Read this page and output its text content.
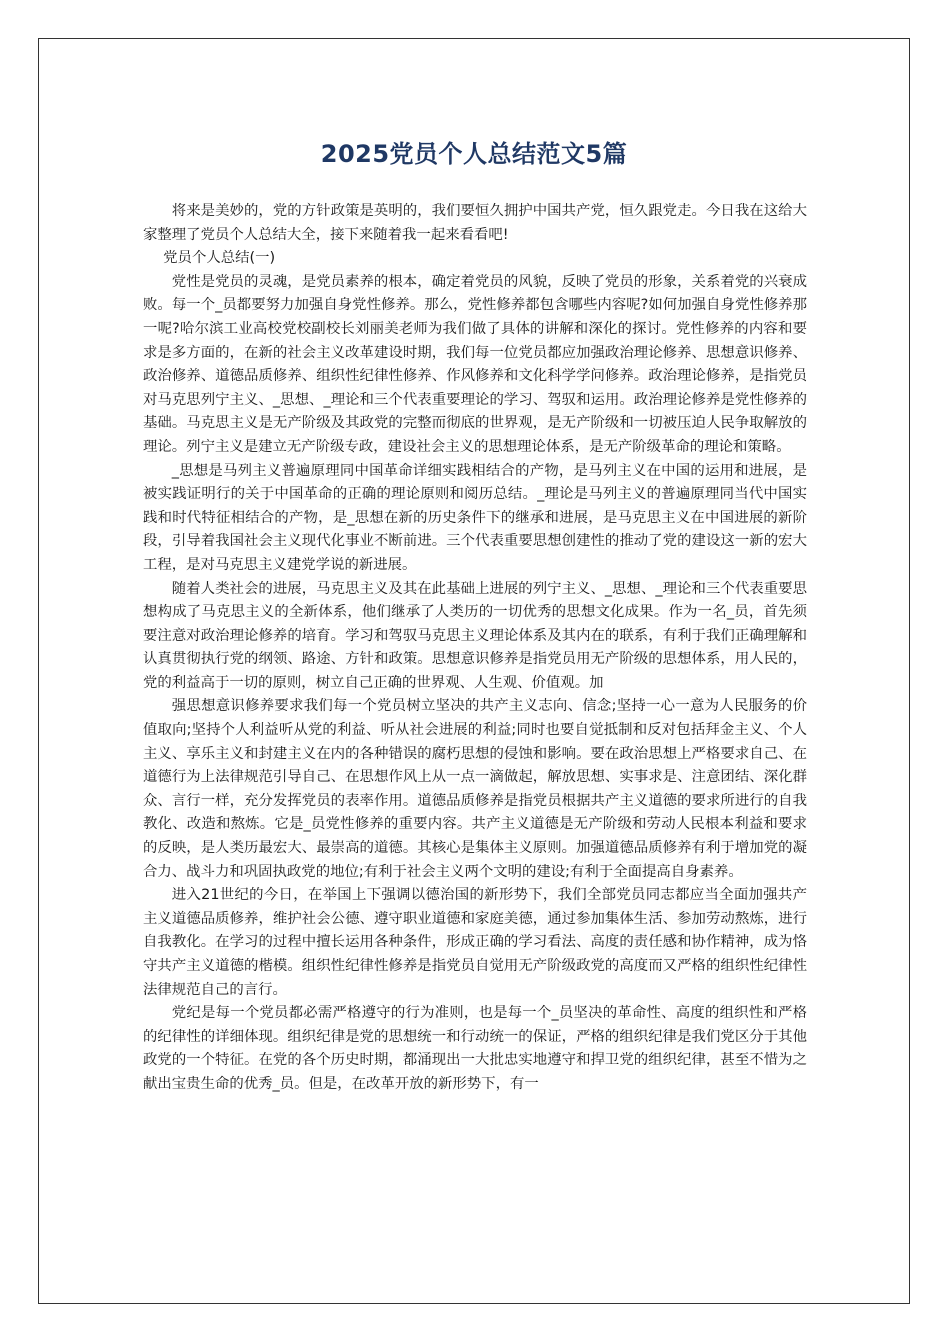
2025党员个人总结范文5篇

将来是美妙的，党的方针政策是英明的，我们要恒久拥护中国共产党，恒久跟党走。今日我在这给大家整理了党员个人总结大全，接下来随着我一起来看看吧!

党员个人总结(一)

党性是党员的灵魂，是党员素养的根本，确定着党员的风貌，反映了党员的形象，关系着党的兴衰成败。每一个_员都要努力加强自身党性修养。那么，党性修养都包含哪些内容呢?如何加强自身党性修养那一呢?哈尔滨工业高校党校副校长刘丽美老师为我们做了具体的讲解和深化的探讨。党性修养的内容和要求是多方面的，在新的社会主义改革建设时期，我们每一位党员都应加强政治理论修养、思想意识修养、政治修养、道德品质修养、组织性纪律性修养、作风修养和文化科学学问修养。政治理论修养，是指党员对马克思列宁主义、_思想、_理论和三个代表重要理论的学习、驾驭和运用。政治理论修养是党性修养的基础。马克思主义是无产阶级及其政党的完整而彻底的世界观，是无产阶级和一切被压迫人民争取解放的理论。列宁主义是建立无产阶级专政，建设社会主义的思想理论体系，是无产阶级革命的理论和策略。

_思想是马列主义普遍原理同中国革命详细实践相结合的产物，是马列主义在中国的运用和进展，是被实践证明行的关于中国革命的正确的理论原则和阅历总结。_理论是马列主义的普遍原理同当代中国实践和时代特征相结合的产物，是_思想在新的历史条件下的继承和进展，是马克思主义在中国进展的新阶段，引导着我国社会主义现代化事业不断前进。三个代表重要思想创建性的推动了党的建设这一新的宏大工程，是对马克思主义建党学说的新进展。

随着人类社会的进展，马克思主义及其在此基础上进展的列宁主义、_思想、_理论和三个代表重要思想构成了马克思主义的全新体系，他们继承了人类历的一切优秀的思想文化成果。作为一名_员，首先须要注意对政治理论修养的培育。学习和驾驭马克思主义理论体系及其内在的联系，有利于我们正确理解和认真贯彻执行党的纲领、路途、方针和政策。思想意识修养是指党员用无产阶级的思想体系，用人民的，党的利益高于一切的原则，树立自己正确的世界观、人生观、价值观。加

强思想意识修养要求我们每一个党员树立坚决的共产主义志向、信念;坚持一心一意为人民服务的价值取向;坚持个人利益听从党的利益、听从社会进展的利益;同时也要自觉抵制和反对包括拜金主义、个人主义、享乐主义和封建主义在内的各种错误的腐朽思想的侵蚀和影响。要在政治思想上严格要求自己、在道德行为上法律规范引导自己、在思想作风上从一点一滴做起，解放思想、实事求是、注意团结、深化群众、言行一样，充分发挥党员的表率作用。道德品质修养是指党员根据共产主义道德的要求所进行的自我教化、改造和熬炼。它是_员党性修养的重要内容。共产主义道德是无产阶级和劳动人民根本利益和要求的反映，是人类历最宏大、最崇高的道德。其核心是集体主义原则。加强道德品质修养有利于增加党的凝合力、战斗力和巩固执政党的地位;有利于社会主义两个文明的建设;有利于全面提高自身素养。

进入21世纪的今日，在举国上下强调以德治国的新形势下，我们全部党员同志都应当全面加强共产主义道德品质修养，维护社会公德、遵守职业道德和家庭美德，通过参加集体生活、参加劳动熬炼，进行自我教化。在学习的过程中擅长运用各种条件，形成正确的学习看法、高度的责任感和协作精神，成为恪守共产主义道德的楷模。组织性纪律性修养是指党员自觉用无产阶级政党的高度而又严格的组织性纪律性法律规范自己的言行。

党纪是每一个党员都必需严格遵守的行为准则，也是每一个_员坚决的革命性、高度的组织性和严格的纪律性的详细体现。组织纪律是党的思想统一和行动统一的保证，严格的组织纪律是我们党区分于其他政党的一个特征。在党的各个历史时期，都涌现出一大批忠实地遵守和捍卫党的组织纪律，甚至不惜为之献出宝贵生命的优秀_员。但是，在改革开放的新形势下，有一
